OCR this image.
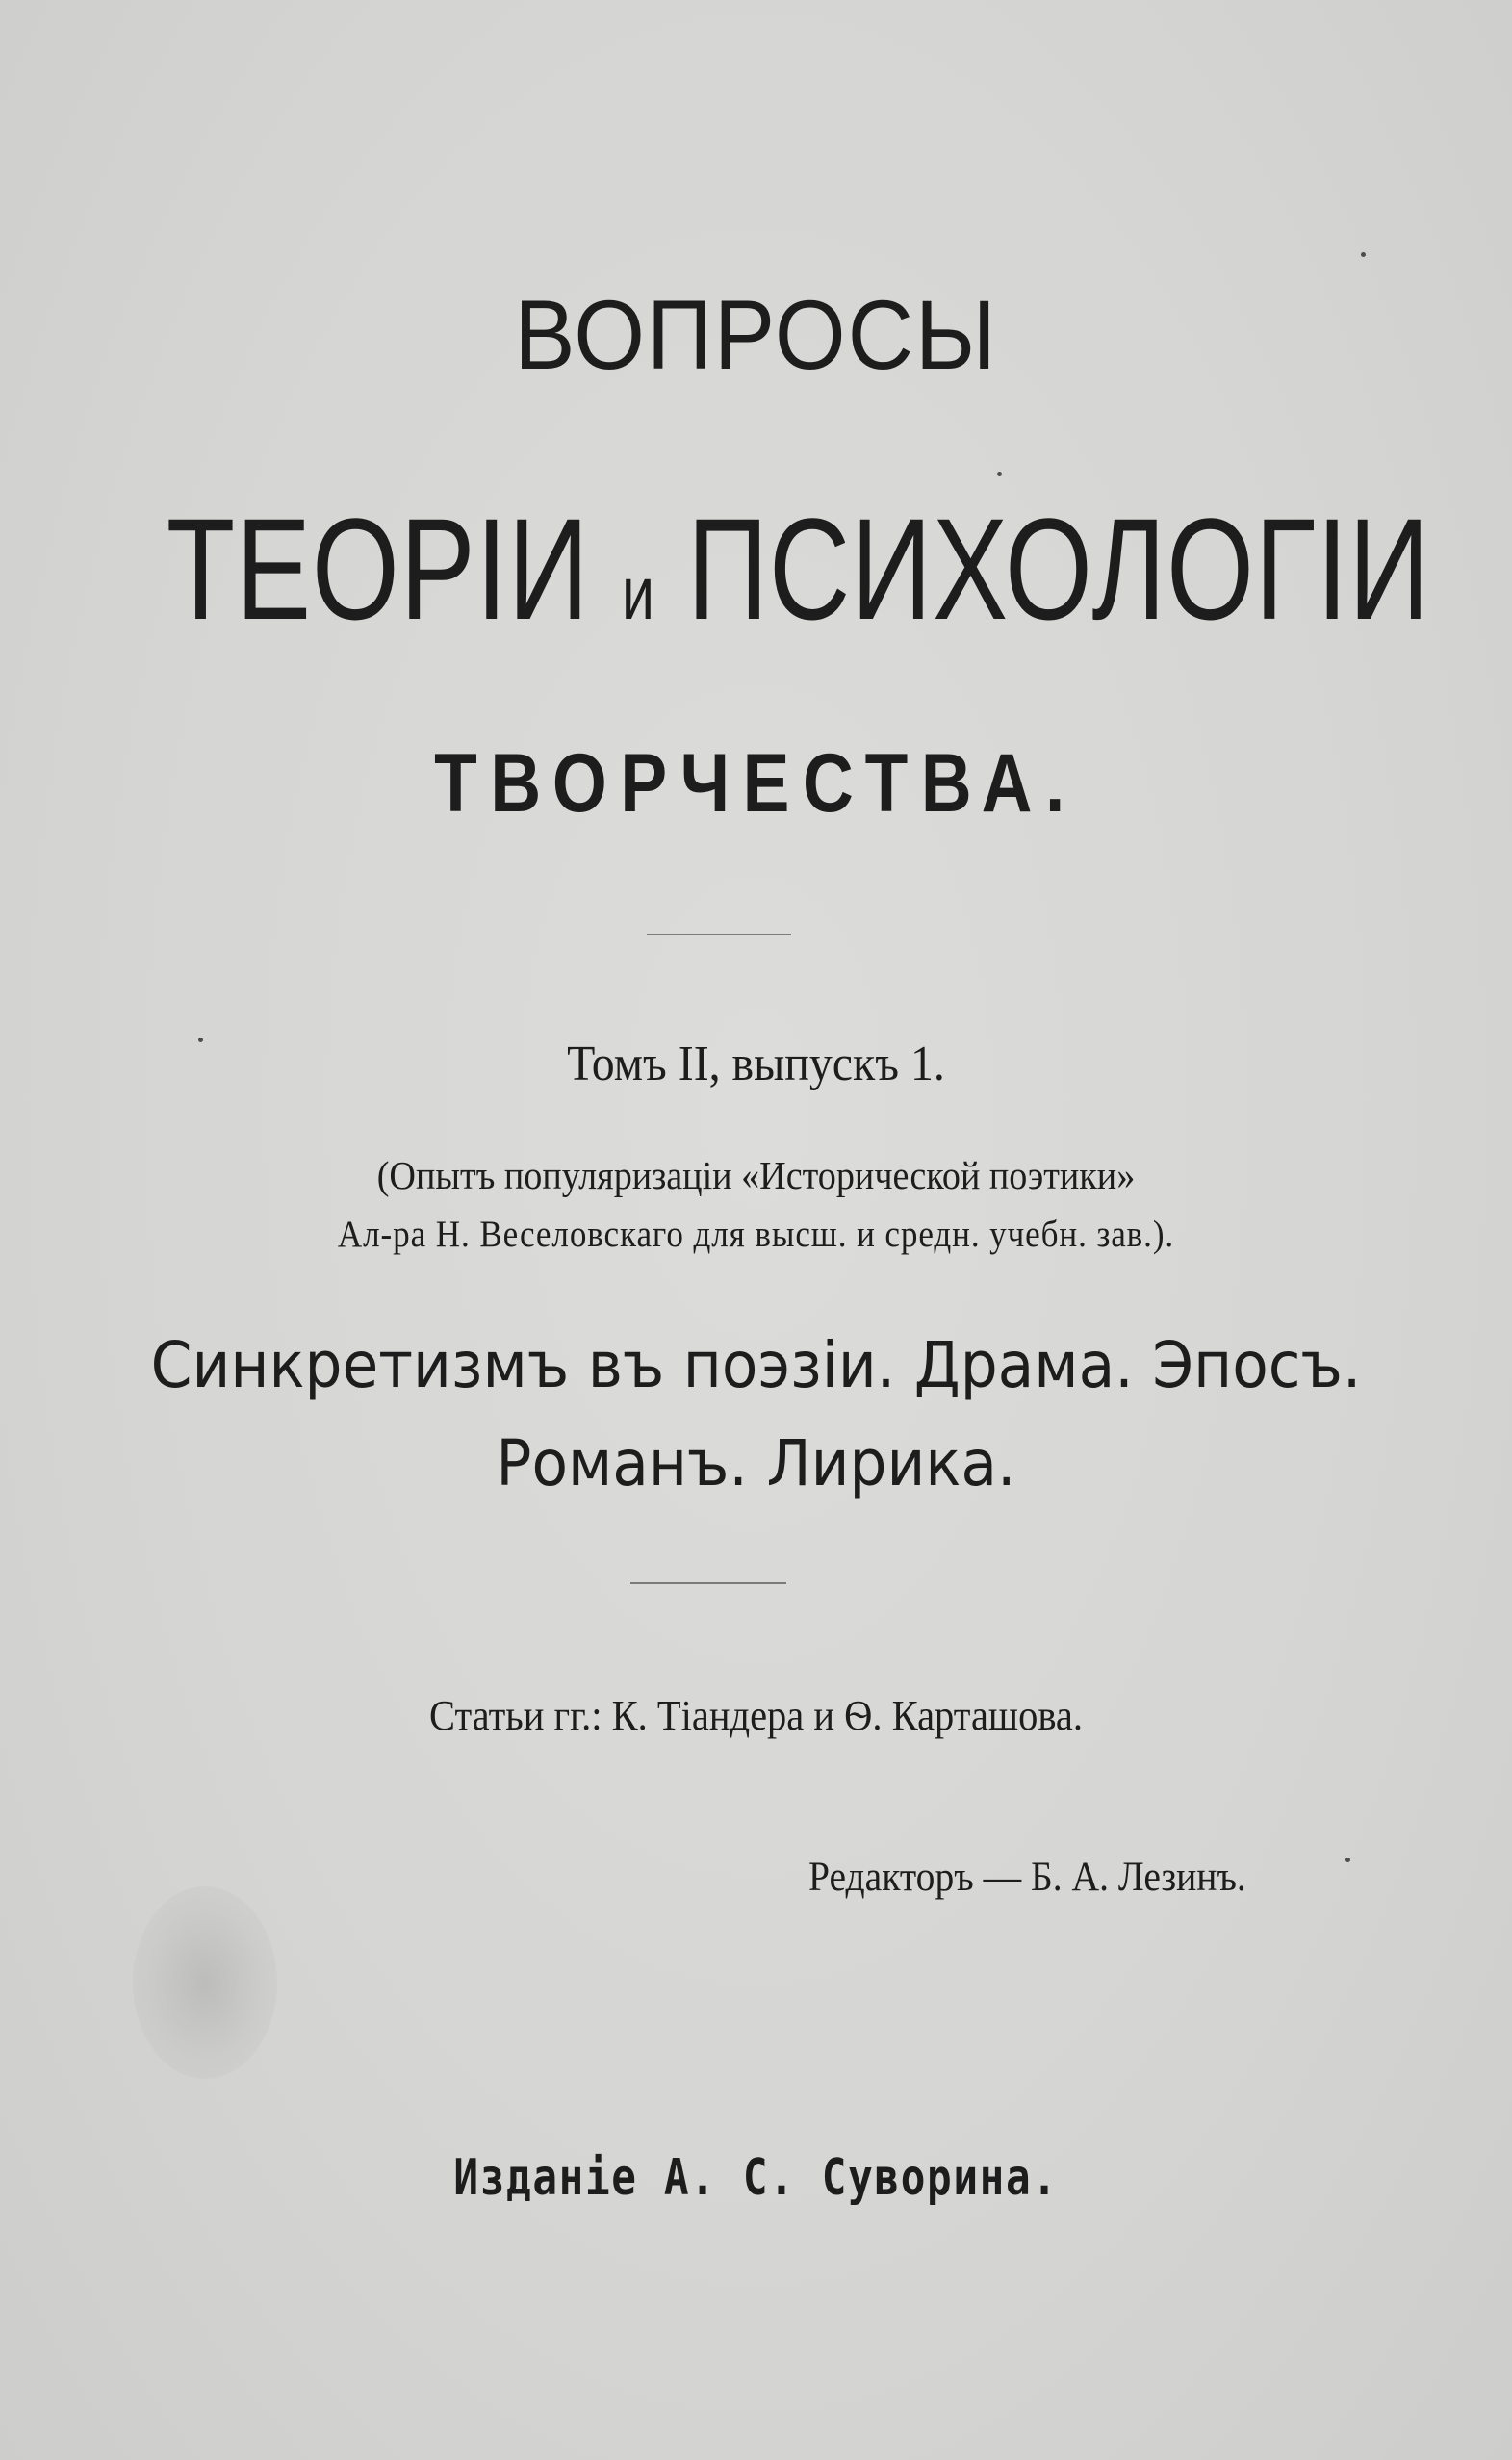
ВОПРОСЫ
ТЕОРІИ и ПСИХОЛОГІИ
ТВОРЧЕСТВА.
Томъ II, выпускъ 1.
(Опытъ популяризаціи «Исторической поэтики»
Ал-ра Н. Веселовскаго для высш. и средн. учебн. зав.).
Синкретизмъ въ поэзіи. Драма. Эпосъ.
Романъ. Лирика.
Статьи гг.: К. Тіандера и Ѳ. Карташова.
Редакторъ — Б. А. Лезинъ.
Изданіе А. С. Суворина.
